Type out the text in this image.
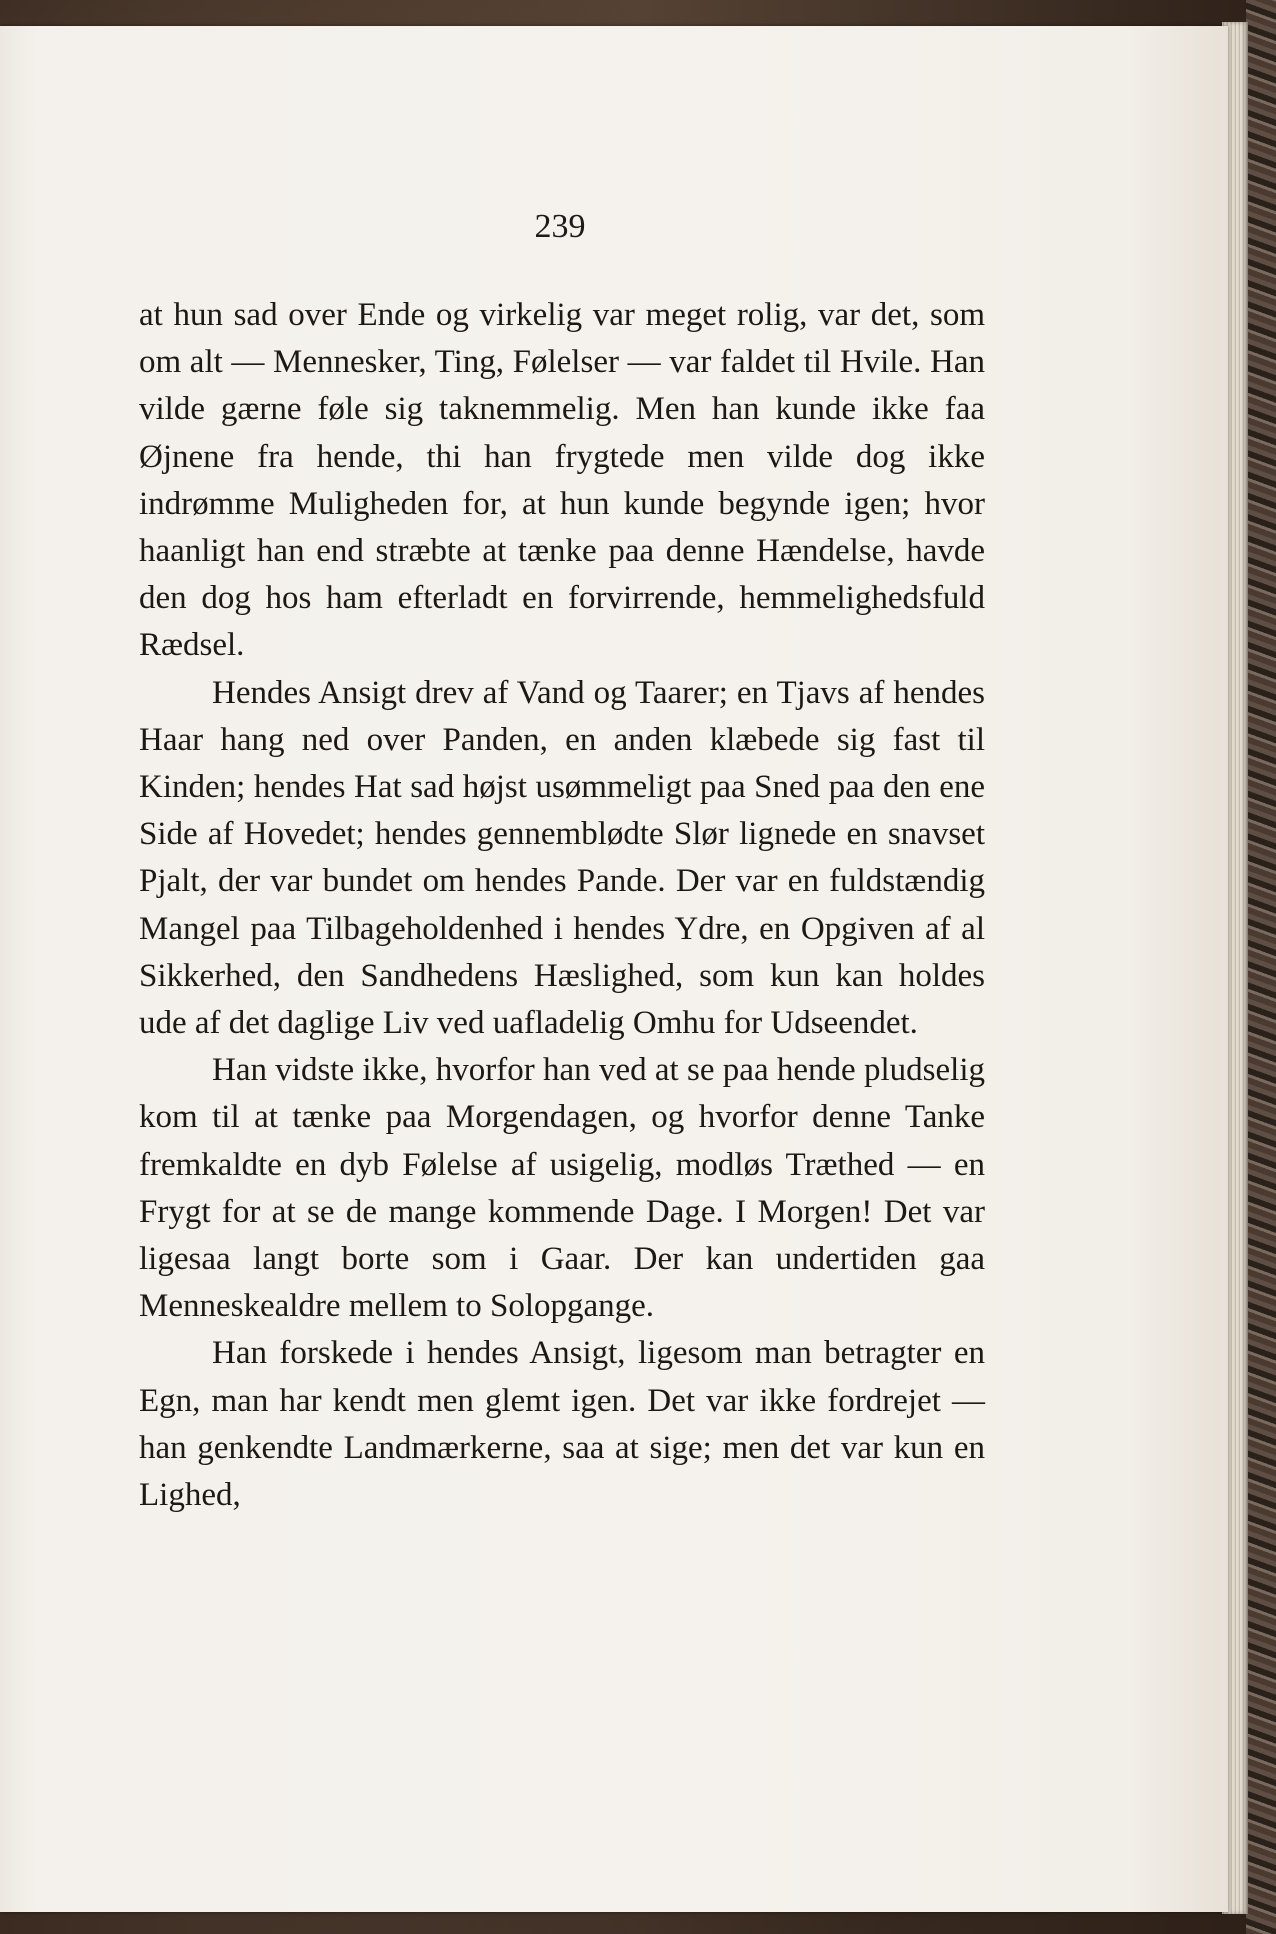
239

at hun sad over Ende og virkelig var meget rolig, var det, som om alt — Mennesker, Ting, Følelser — var faldet til Hvile. Han vilde gærne føle sig taknemmelig. Men han kunde ikke faa Øjnene fra hende, thi han frygtede men vilde dog ikke indrømme Muligheden for, at hun kunde begynde igen; hvor haanligt han end stræbte at tænke paa denne Hændelse, havde den dog hos ham efterladt en forvirrende, hemmelighedsfuld Rædsel.

Hendes Ansigt drev af Vand og Taarer; en Tjavs af hendes Haar hang ned over Panden, en anden klæbede sig fast til Kinden; hendes Hat sad højst usømmeligt paa Sned paa den ene Side af Hovedet; hendes gennemblødte Slør lignede en snavset Pjalt, der var bundet om hendes Pande. Der var en fuldstændig Mangel paa Tilbageholdenhed i hendes Ydre, en Opgiven af al Sikkerhed, den Sandhedens Hæslighed, som kun kan holdes ude af det daglige Liv ved uafladelig Omhu for Udseendet.

Han vidste ikke, hvorfor han ved at se paa hende pludselig kom til at tænke paa Morgendagen, og hvorfor denne Tanke fremkaldte en dyb Følelse af usigelig, modløs Træthed — en Frygt for at se de mange kommende Dage. I Morgen! Det var ligesaa langt borte som i Gaar. Der kan undertiden gaa Menneskealdre mellem to Solopgange.

Han forskede i hendes Ansigt, ligesom man betragter en Egn, man har kendt men glemt igen. Det var ikke fordrejet — han genkendte Landmærkerne, saa at sige; men det var kun en Lighed,
